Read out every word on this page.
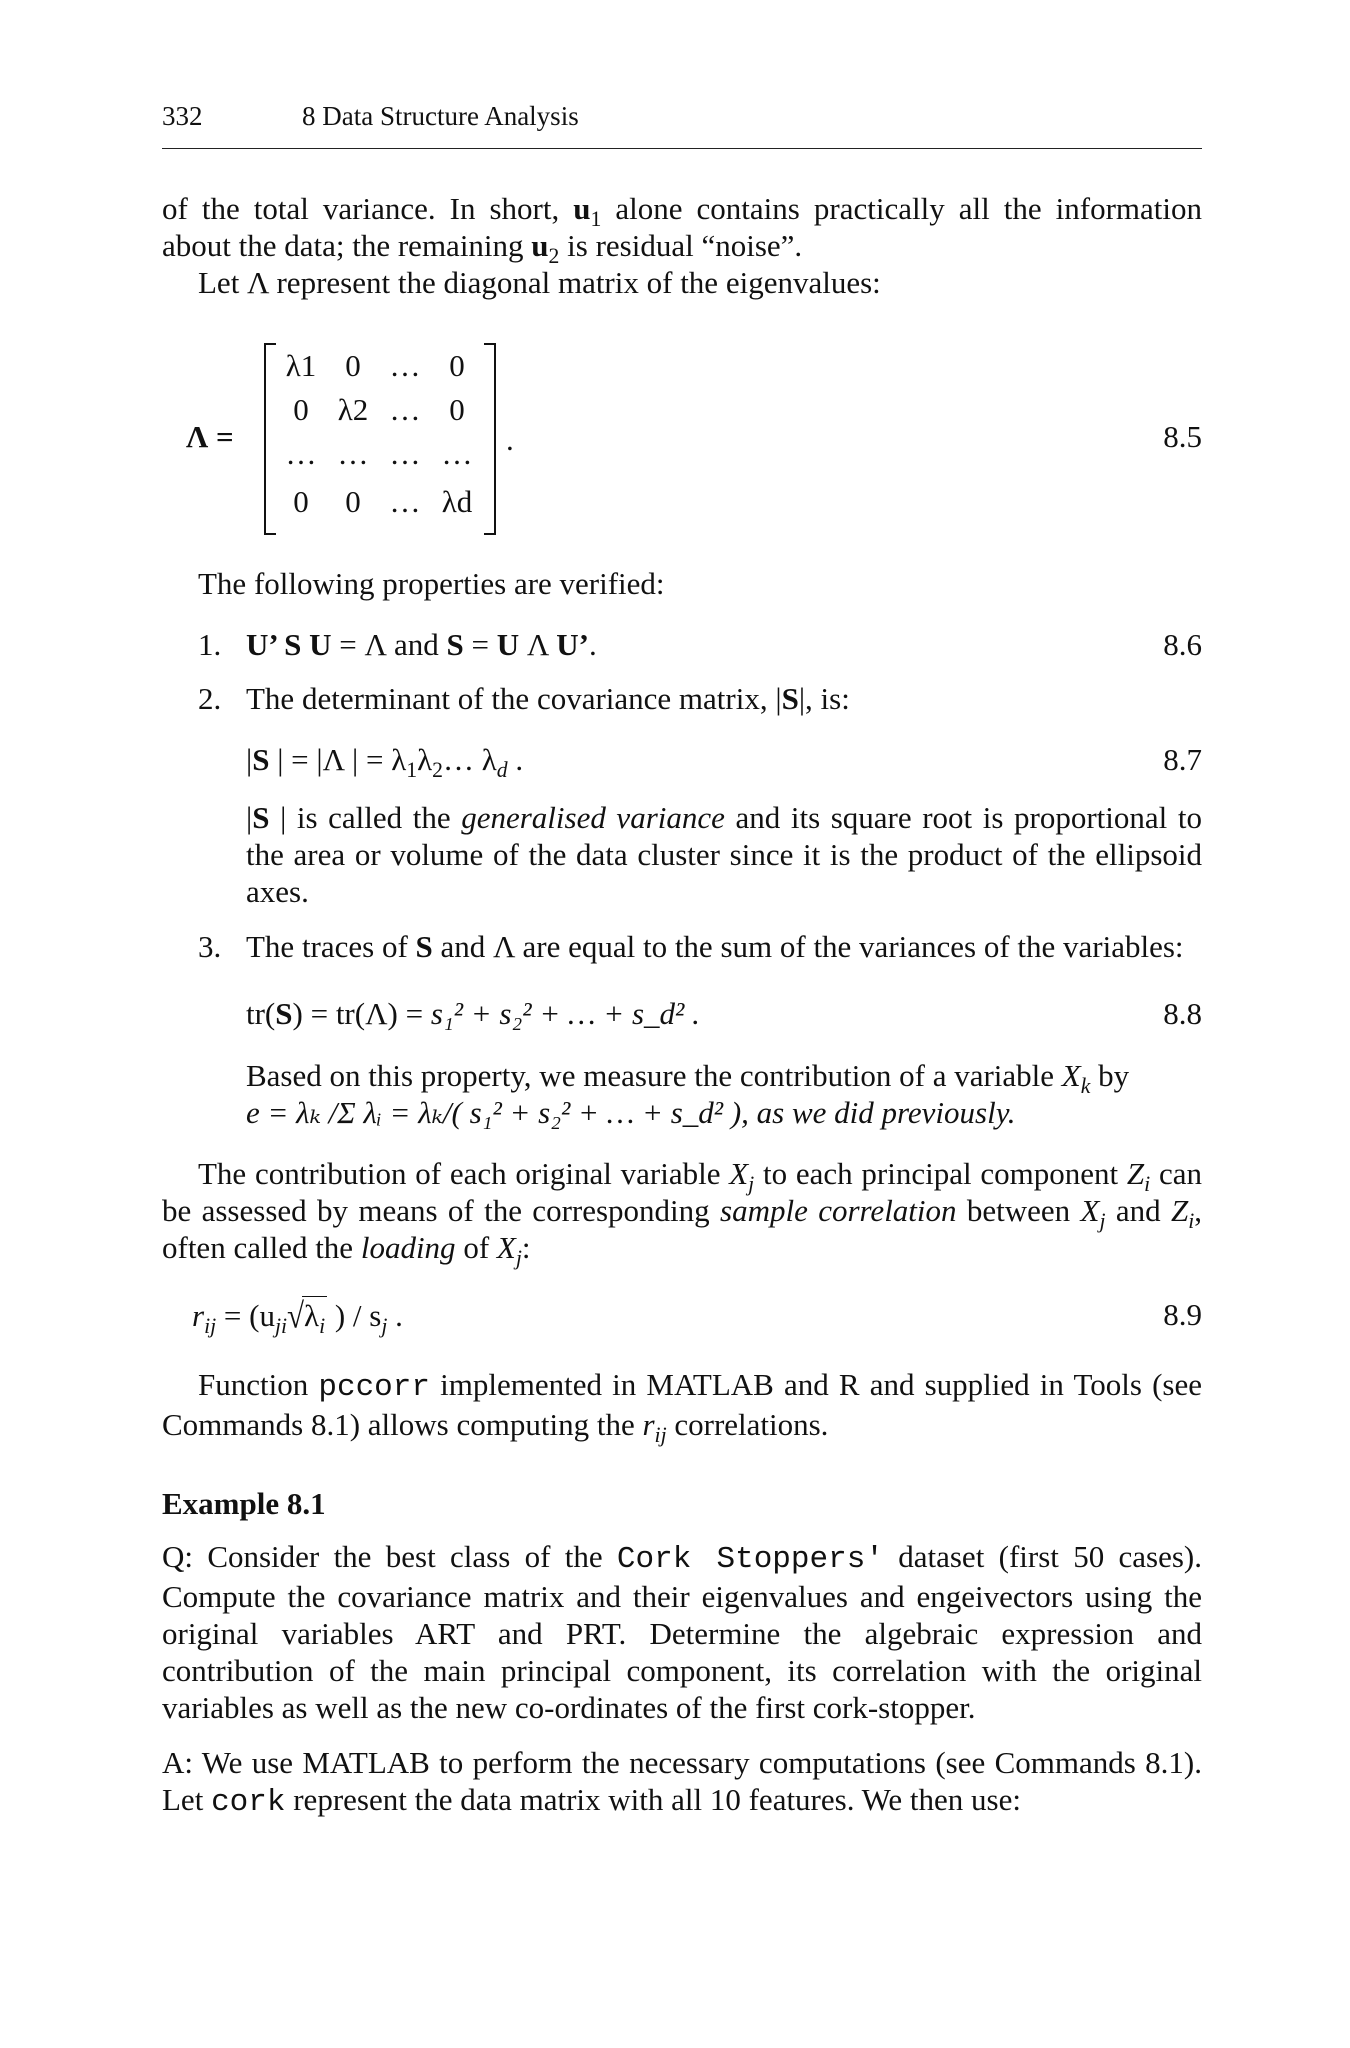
332	8 Data Structure Analysis

of the total variance. In short, $u_1$ alone contains practically all the information about the data; the remaining $u_2$ is residual “noise”.

Let Λ represent the diagonal matrix of the eigenvalues:

Λ =
λ1 0 … 0
0 λ2 … 0
… … … …
0	0 … λd
.	8.5

The following properties are verified:

1. U’ S U = Λ and S = U Λ U’.	8.6
2. The determinant of the covariance matrix, |S|, is:

|S | = |Λ | = $\lambda_1\lambda_2\dots$ $\lambda_d$ .	8.7

|S | is called the generalised variance and its square root is proportional to the area or volume of the data cluster since it is the product of the ellipsoid axes.

3. The traces of S and Λ are equal to the sum of the variances of the variables:

tr(S) = tr(Λ) = s₁² + s₂² + … + s_d² .	8.8

Based on this property, we measure the contribution of a variable $X_k$ by

e = λₖ /Σ λᵢ = λₖ/( s₁² + s₂² + … + s_d² ), as we did previously.

The contribution of each original variable $X_j$ to each principal component $Z_i$ can be assessed by means of the corresponding sample correlation between $X_j$ and $Z_i$, often called the loading of $X_j$:

$r_{ij} = (u_{ji}√\lambda_i$ ) / $s_j$ .	8.9

Function pccorr implemented in MATLAB and R and supplied in Tools (see Commands 8.1) allows computing the $r_{ij}$ correlations.

Example 8.1

Q: Consider the best class of the Cork Stoppers' dataset (first 50 cases). Compute the covariance matrix and their eigenvalues and engeivectors using the original variables ART and PRT. Determine the algebraic expression and contribution of the main principal component, its correlation with the original variables as well as the new co-ordinates of the first cork-stopper.

A: We use MATLAB to perform the necessary computations (see Commands 8.1). Let cork represent the data matrix with all 10 features. We then use:
